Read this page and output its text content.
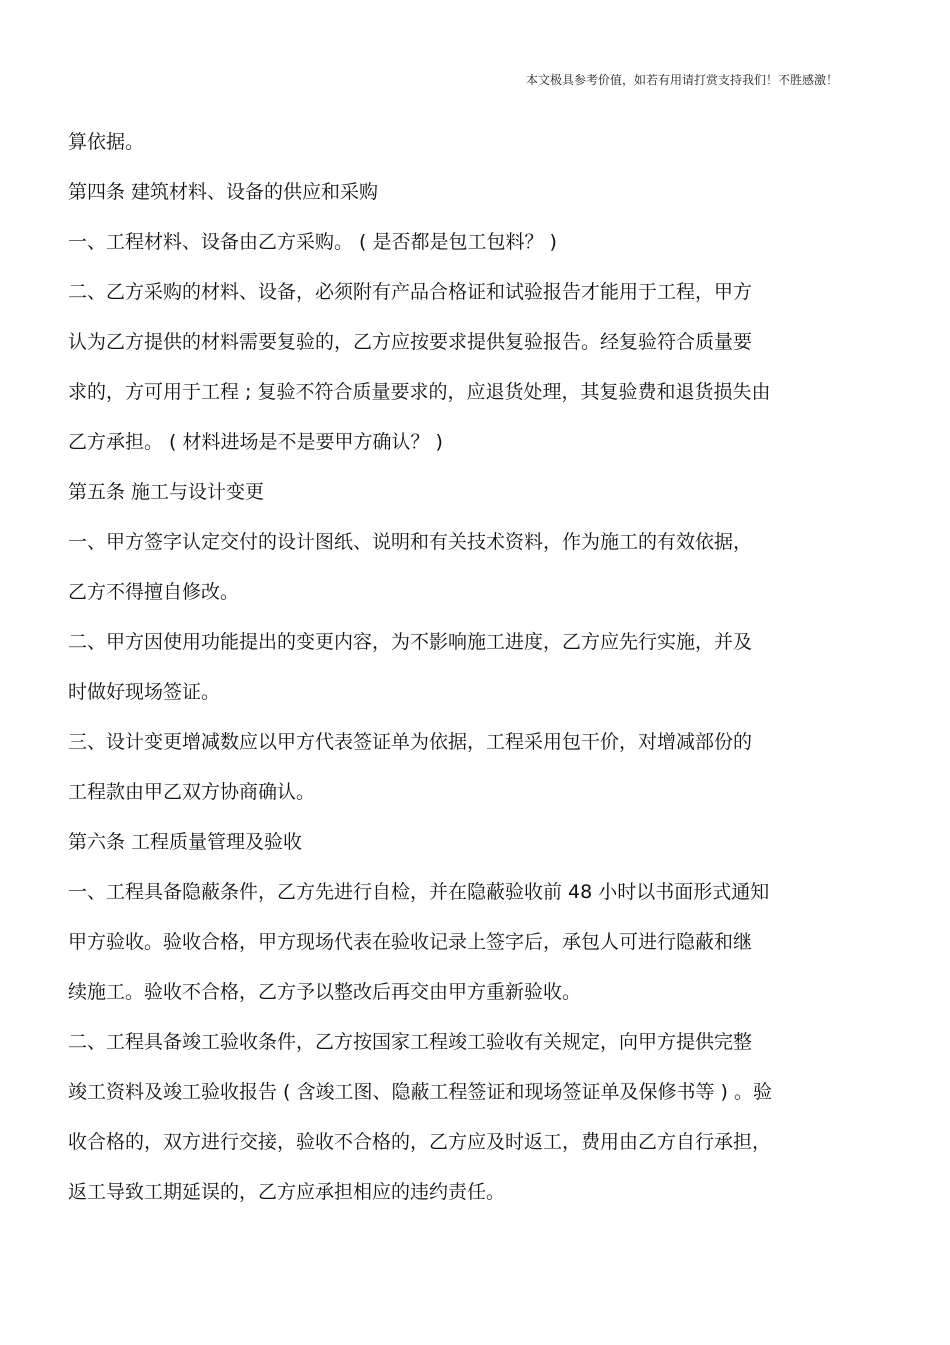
本文极具参考价值，如若有用请打赏支持我们！不胜感激！
算依据。
第四条 建筑材料、设备的供应和采购
一、工程材料、设备由乙方采购。 ( 是否都是包工包料？ )
二、乙方采购的材料、设备，必须附有产品合格证和试验报告才能用于工程，甲方
认为乙方提供的材料需要复验的，乙方应按要求提供复验报告。经复验符合质量要
求的，方可用于工程 ; 复验不符合质量要求的，应退货处理，其复验费和退货损失由
乙方承担。 ( 材料进场是不是要甲方确认？ )
第五条 施工与设计变更
一、甲方签字认定交付的设计图纸、说明和有关技术资料，作为施工的有效依据，
乙方不得擅自修改。
二、甲方因使用功能提出的变更内容，为不影响施工进度，乙方应先行实施，并及
时做好现场签证。
三、设计变更增减数应以甲方代表签证单为依据，工程采用包干价，对增减部份的
工程款由甲乙双方协商确认。
第六条 工程质量管理及验收
一、工程具备隐蔽条件，乙方先进行自检，并在隐蔽验收前 48 小时以书面形式通知
甲方验收。验收合格，甲方现场代表在验收记录上签字后，承包人可进行隐蔽和继
续施工。验收不合格，乙方予以整改后再交由甲方重新验收。
二、工程具备竣工验收条件，乙方按国家工程竣工验收有关规定，向甲方提供完整
竣工资料及竣工验收报告 ( 含竣工图、隐蔽工程签证和现场签证单及保修书等 ) 。验
收合格的，双方进行交接，验收不合格的，乙方应及时返工，费用由乙方自行承担，
返工导致工期延误的，乙方应承担相应的违约责任。
